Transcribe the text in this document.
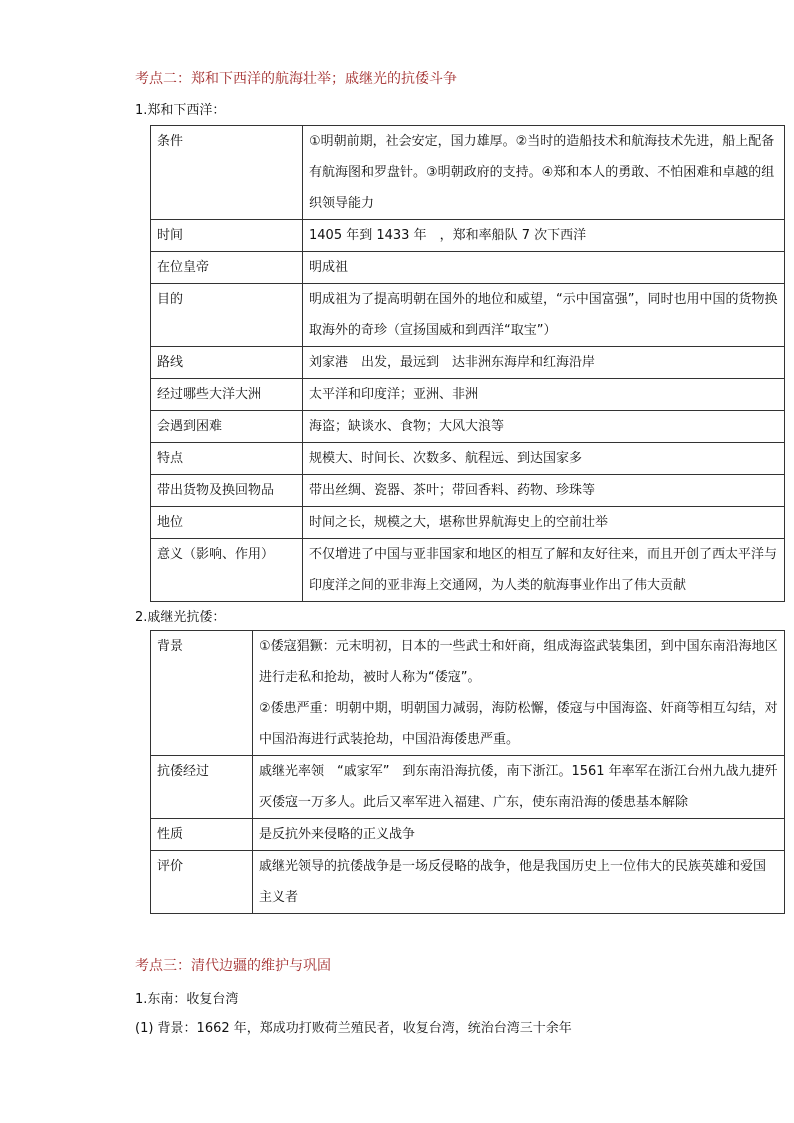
考点二：郑和下西洋的航海壮举；戚继光的抗倭斗争
1.郑和下西洋：
条件	①明朝前期，社会安定，国力雄厚。②当时的造船技术和航海技术先进，船上配备有航海图和罗盘针。③明朝政府的支持。④郑和本人的勇敢、不怕困难和卓越的组织领导能力
时间	1405 年到 1433 年　，郑和率船队 7 次下西洋
在位皇帝	明成祖
目的	明成祖为了提高明朝在国外的地位和威望，“示中国富强”，同时也用中国的货物换取海外的奇珍（宣扬国威和到西洋“取宝”）
路线	刘家港　出发，最远到　达非洲东海岸和红海沿岸
经过哪些大洋大洲	太平洋和印度洋；亚洲、非洲
会遇到困难	海盗；缺谈水、食物；大风大浪等
特点	规模大、时间长、次数多、航程远、到达国家多
带出货物及换回物品	带出丝绸、瓷器、茶叶；带回香料、药物、珍珠等
地位	时间之长，规模之大，堪称世界航海史上的空前壮举
意义（影响、作用）	不仅增进了中国与亚非国家和地区的相互了解和友好往来，而且开创了西太平洋与印度洋之间的亚非海上交通网，为人类的航海事业作出了伟大贡献
2.戚继光抗倭：
背景	①倭寇猖獗：元末明初，日本的一些武士和奸商，组成海盗武装集团，到中国东南沿海地区进行走私和抢劫，被时人称为“倭寇”。
②倭患严重：明朝中期，明朝国力减弱，海防松懈，倭寇与中国海盗、奸商等相互勾结，对中国沿海进行武装抢劫，中国沿海倭患严重。

抗倭经过	戚继光率领　“戚家军”　到东南沿海抗倭，南下浙江。1561 年率军在浙江台州九战九捷歼灭倭寇一万多人。此后又率军进入福建、广东，使东南沿海的倭患基本解除
性质	是反抗外来侵略的正义战争
评价	戚继光领导的抗倭战争是一场反侵略的战争，他是我国历史上一位伟大的民族英雄和爱国主义者
考点三：清代边疆的维护与巩固
1.东南：收复台湾
(1) 背景：1662 年，郑成功打败荷兰殖民者，收复台湾，统治台湾三十余年
